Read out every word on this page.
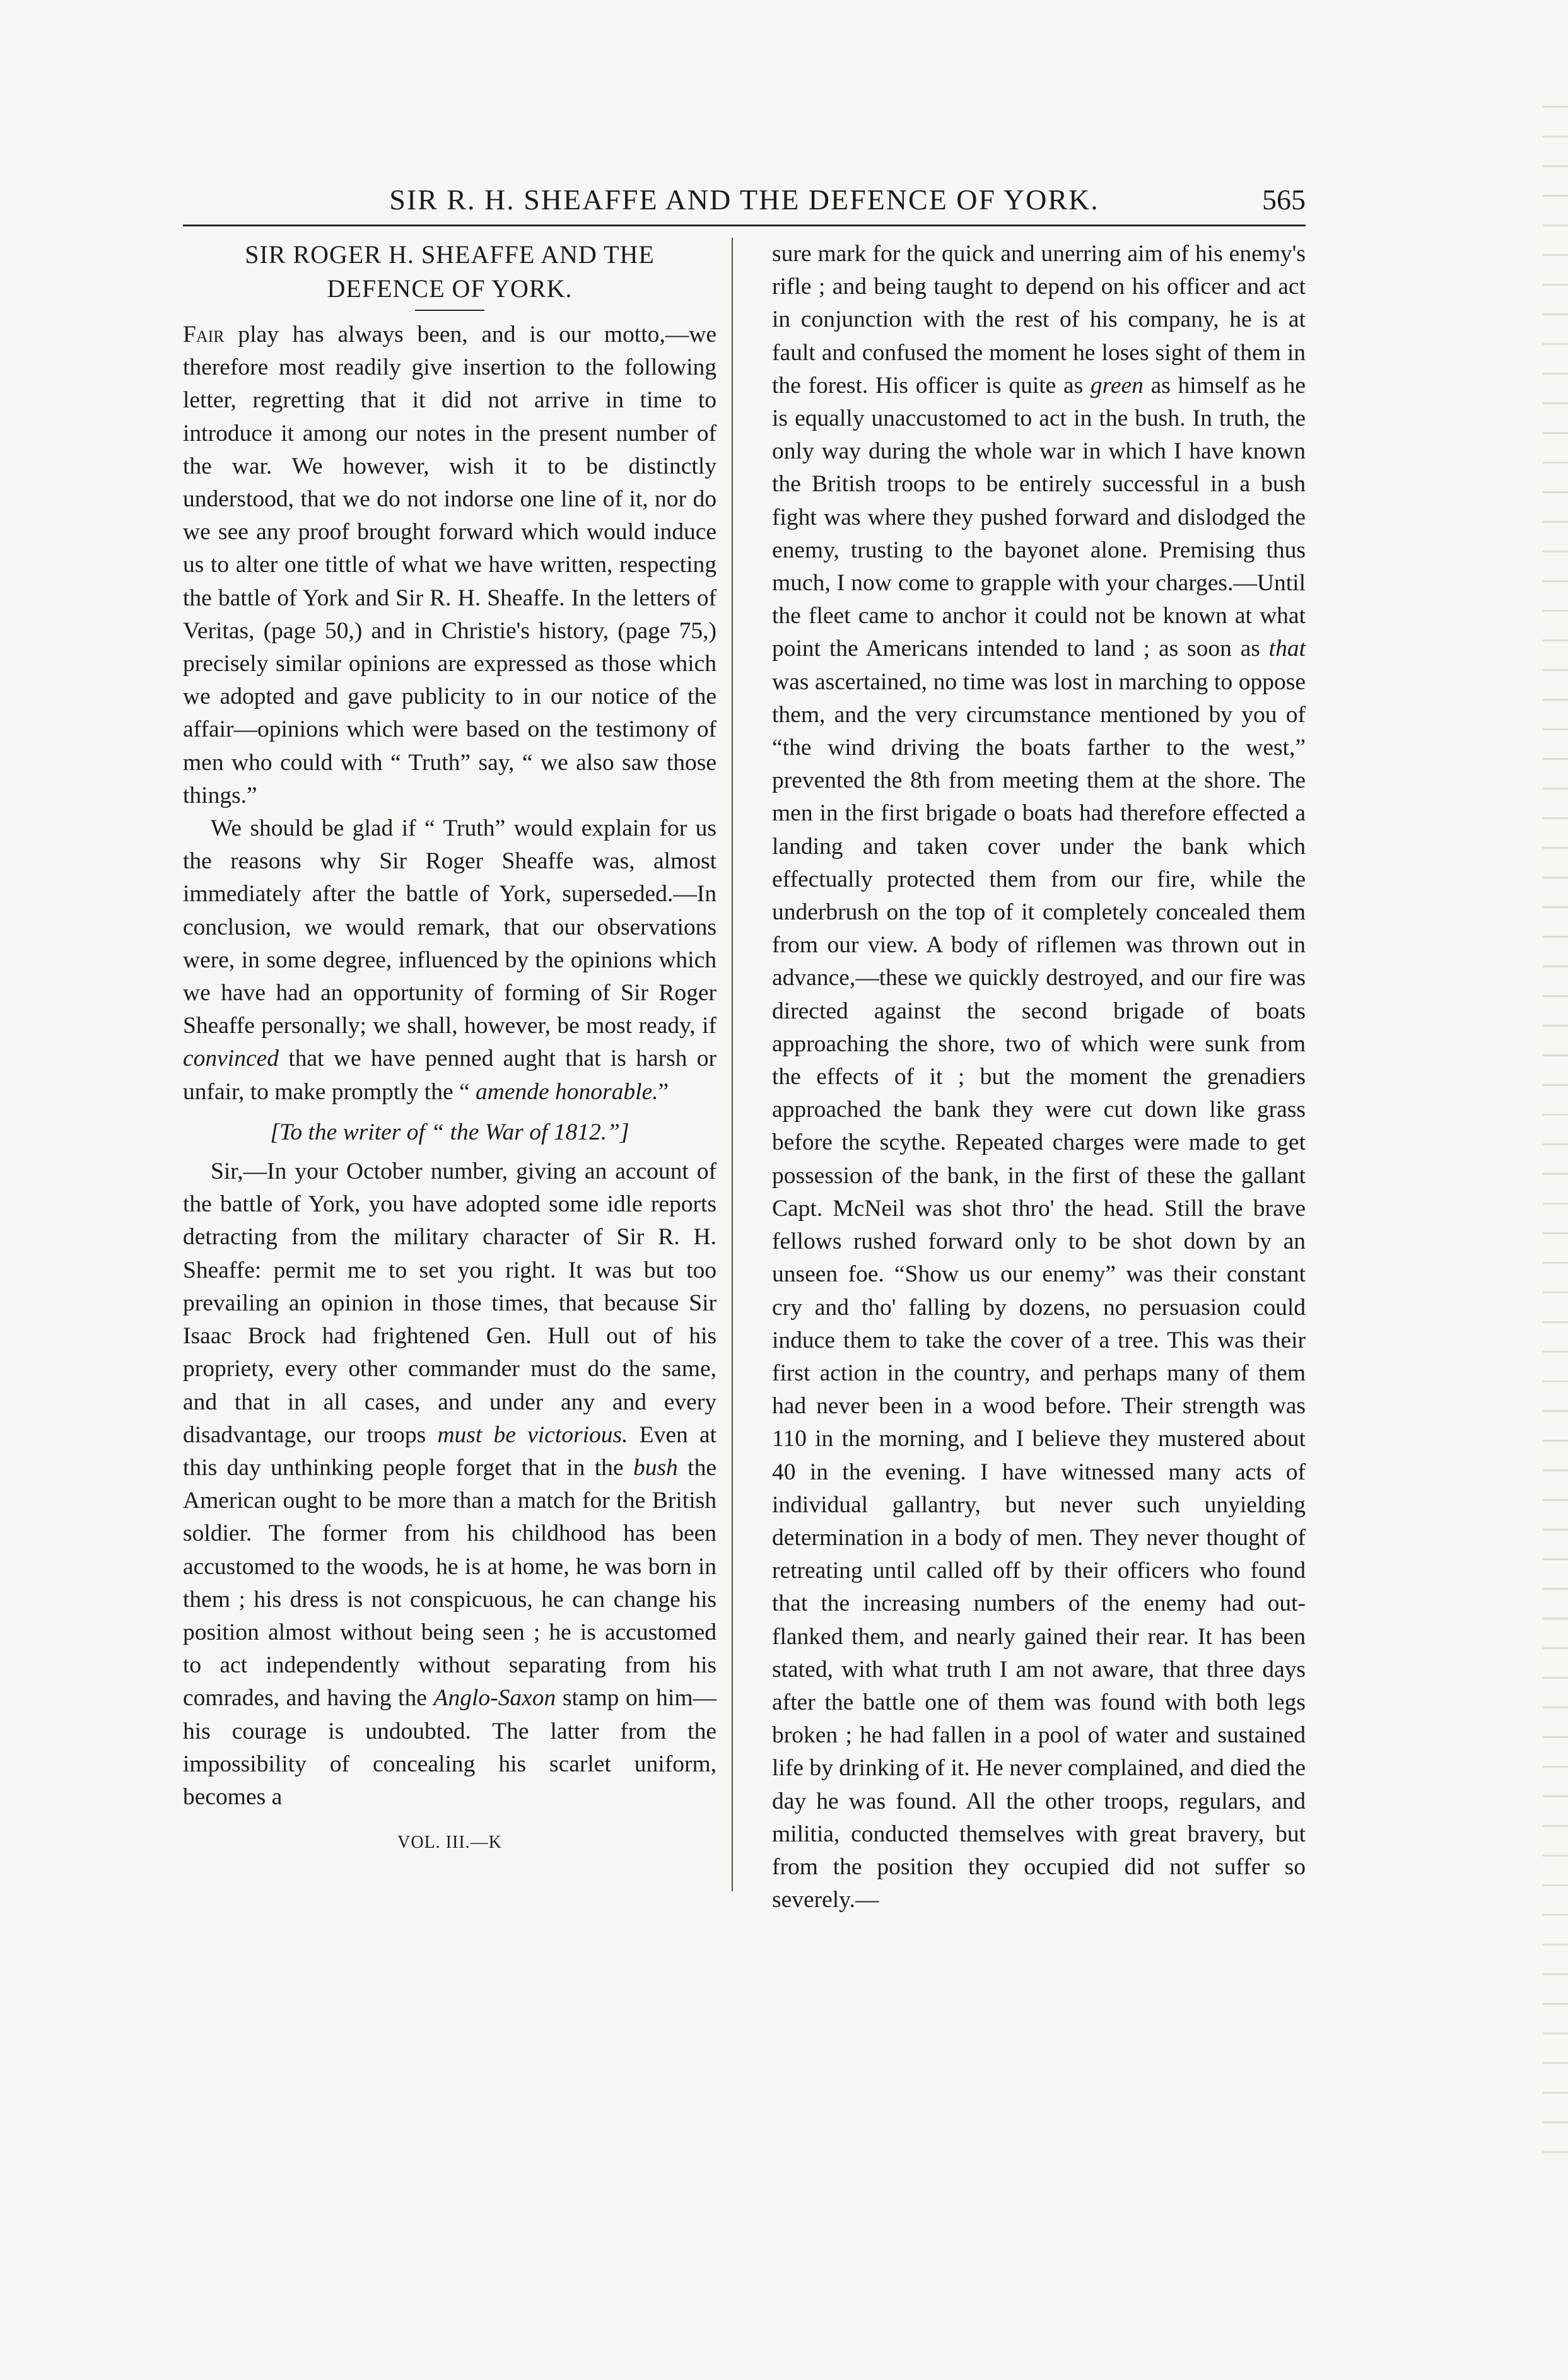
SIR R. H. SHEAFFE AND THE DEFENCE OF YORK.	565
SIR ROGER H. SHEAFFE AND THE
DEFENCE OF YORK.

Fair play has always been, and is our motto,—we therefore most readily give insertion to the following letter, regretting that it did not arrive in time to introduce it among our notes in the present number of the war. We however, wish it to be distinctly understood, that we do not indorse one line of it, nor do we see any proof brought forward which would induce us to alter one tittle of what we have written, respecting the battle of York and Sir R. H. Sheaffe. In the letters of Veritas, (page 50,) and in Christie's history, (page 75,) precisely similar opinions are expressed as those which we adopted and gave publicity to in our notice of the affair—opinions which were based on the testimony of men who could with “ Truth” say, “ we also saw those things.”

We should be glad if “ Truth” would explain for us the reasons why Sir Roger Sheaffe was, almost immediately after the battle of York, superseded.—In conclusion, we would remark, that our observations were, in some degree, influenced by the opinions which we have had an opportunity of forming of Sir Roger Sheaffe personally; we shall, however, be most ready, if convinced that we have penned aught that is harsh or unfair, to make promptly the “ amende honorable.”

[To the writer of “ the War of 1812.”]

Sir,—In your October number, giving an account of the battle of York, you have adopted some idle reports detracting from the military character of Sir R. H. Sheaffe: permit me to set you right. It was but too prevailing an opinion in those times, that because Sir Isaac Brock had frightened Gen. Hull out of his propriety, every other commander must do the same, and that in all cases, and under any and every disadvantage, our troops must be victorious. Even at this day unthinking people forget that in the bush the American ought to be more than a match for the British soldier. The former from his childhood has been accustomed to the woods, he is at home, he was born in them ; his dress is not conspicuous, he can change his position almost without being seen ; he is accustomed to act independently without separating from his comrades, and having the Anglo-Saxon stamp on him—his courage is undoubted. The latter from the impossibility of concealing his scarlet uniform, becomes a

VOL. III.—K

sure mark for the quick and unerring aim of his enemy's rifle ; and being taught to depend on his officer and act in conjunction with the rest of his company, he is at fault and confused the moment he loses sight of them in the forest. His officer is quite as green as himself as he is equally unaccustomed to act in the bush. In truth, the only way during the whole war in which I have known the British troops to be entirely successful in a bush fight was where they pushed forward and dislodged the enemy, trusting to the bayonet alone. Premising thus much, I now come to grapple with your charges.—Until the fleet came to anchor it could not be known at what point the Americans intended to land ; as soon as that was ascertained, no time was lost in marching to oppose them, and the very circumstance mentioned by you of “the wind driving the boats farther to the west,” prevented the 8th from meeting them at the shore. The men in the first brigade o boats had therefore effected a landing and taken cover under the bank which effectually protected them from our fire, while the underbrush on the top of it completely concealed them from our view. A body of riflemen was thrown out in advance,—these we quickly destroyed, and our fire was directed against the second brigade of boats approaching the shore, two of which were sunk from the effects of it ; but the moment the grenadiers approached the bank they were cut down like grass before the scythe. Repeated charges were made to get possession of the bank, in the first of these the gallant Capt. McNeil was shot thro' the head. Still the brave fellows rushed forward only to be shot down by an unseen foe. “Show us our enemy” was their constant cry and tho' falling by dozens, no persuasion could induce them to take the cover of a tree. This was their first action in the country, and perhaps many of them had never been in a wood before. Their strength was 110 in the morning, and I believe they mustered about 40 in the evening. I have witnessed many acts of individual gallantry, but never such unyielding determination in a body of men. They never thought of retreating until called off by their officers who found that the increasing numbers of the enemy had out-flanked them, and nearly gained their rear. It has been stated, with what truth I am not aware, that three days after the battle one of them was found with both legs broken ; he had fallen in a pool of water and sustained life by drinking of it. He never complained, and died the day he was found. All the other troops, regulars, and militia, conducted themselves with great bravery, but from the position they occupied did not suffer so severely.—
